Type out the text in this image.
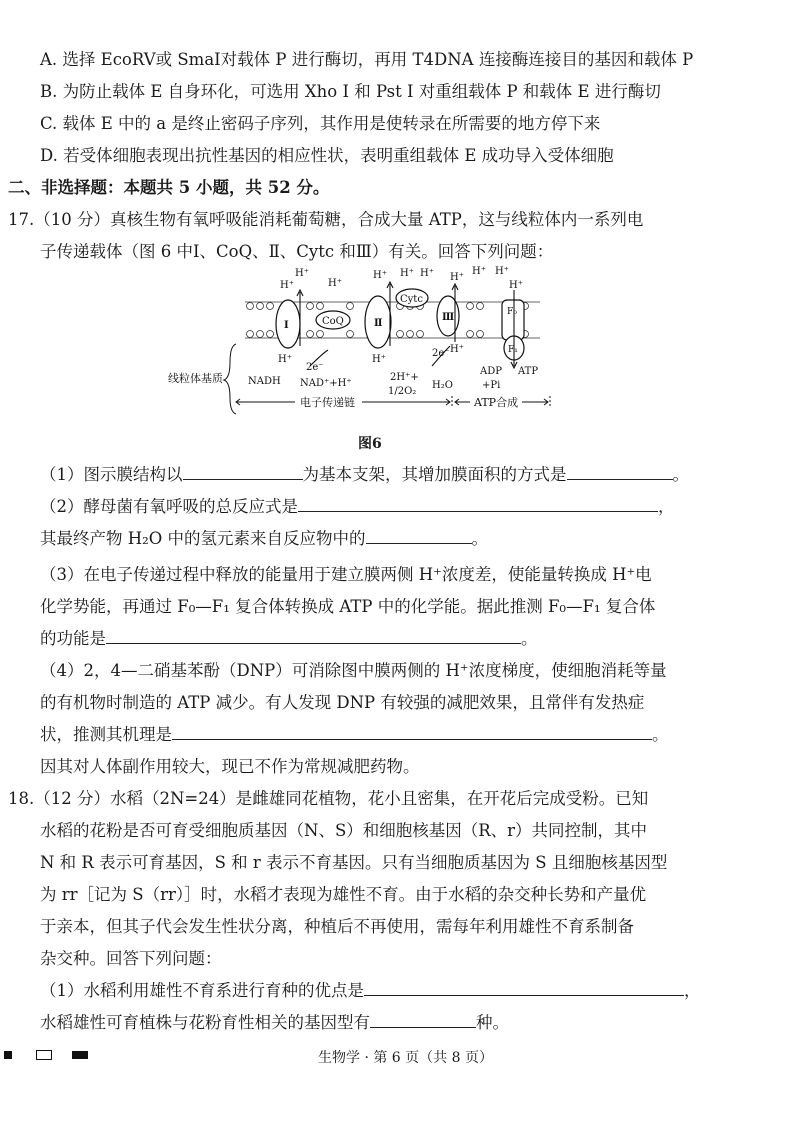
A. 选择 EcoRV或 SmaI对载体 P 进行酶切，再用 T4DNA 连接酶连接目的基因和载体 P
B. 为防止载体 E 自身环化，可选用 Xho I 和 Pst I 对重组载体 P 和载体 E 进行酶切
C. 载体 E 中的 a 是终止密码子序列，其作用是使转录在所需要的地方停下来
D. 若受体细胞表现出抗性基因的相应性状，表明重组载体 E 成功导入受体细胞
二、非选择题：本题共 5 小题，共 52 分。
17.（10 分）真核生物有氧呼吸能消耗葡萄糖，合成大量 ATP，这与线粒体内一系列电
子传递载体（图 6 中Ⅰ、CoQ、Ⅱ、Cytc 和Ⅲ）有关。回答下列问题：
H⁺
H⁺	H⁺
H⁺ H⁺ H⁺ H⁺
H⁺ H⁺
H⁺
H⁺	H⁺
H⁺
Ⅰ	CoQ	Ⅱ
Cytc
Ⅲ	F₀
F₁
2e⁻
2e⁻
线粒体基质	NADH NAD⁺+H⁺
2H⁺+
1/2O₂
H₂O
ADP
+Pi
ATP
电子传递链	ATP合成
图6
（1）图示膜结构以	为基本支架，其增加膜面积的方式是	。
（2）酵母菌有氧呼吸的总反应式是	，
其最终产物 H₂O 中的氢元素来自反应物中的	。
（3）在电子传递过程中释放的能量用于建立膜两侧 H⁺浓度差，使能量转换成 H⁺电
化学势能，再通过 F₀—F₁ 复合体转换成 ATP 中的化学能。据此推测 F₀—F₁ 复合体
的功能是	。
（4）2，4—二硝基苯酚（DNP）可消除图中膜两侧的 H⁺浓度梯度，使细胞消耗等量
的有机物时制造的 ATP 减少。有人发现 DNP 有较强的减肥效果，且常伴有发热症
状，推测其机理是	。
因其对人体副作用较大，现已不作为常规减肥药物。
18.（12 分）水稻（2N=24）是雌雄同花植物，花小且密集，在开花后完成受粉。已知
水稻的花粉是否可育受细胞质基因（N、S）和细胞核基因（R、r）共同控制，其中
N 和 R 表示可育基因，S 和 r 表示不育基因。只有当细胞质基因为 S 且细胞核基因型
为 rr［记为 S（rr）］时，水稻才表现为雄性不育。由于水稻的杂交种长势和产量优
于亲本，但其子代会发生性状分离，种植后不再使用，需每年利用雄性不育系制备
杂交种。回答下列问题：
（1）水稻利用雄性不育系进行育种的优点是	，
水稻雄性可育植株与花粉育性相关的基因型有	种。
生物学 · 第 6 页（共 8 页）
